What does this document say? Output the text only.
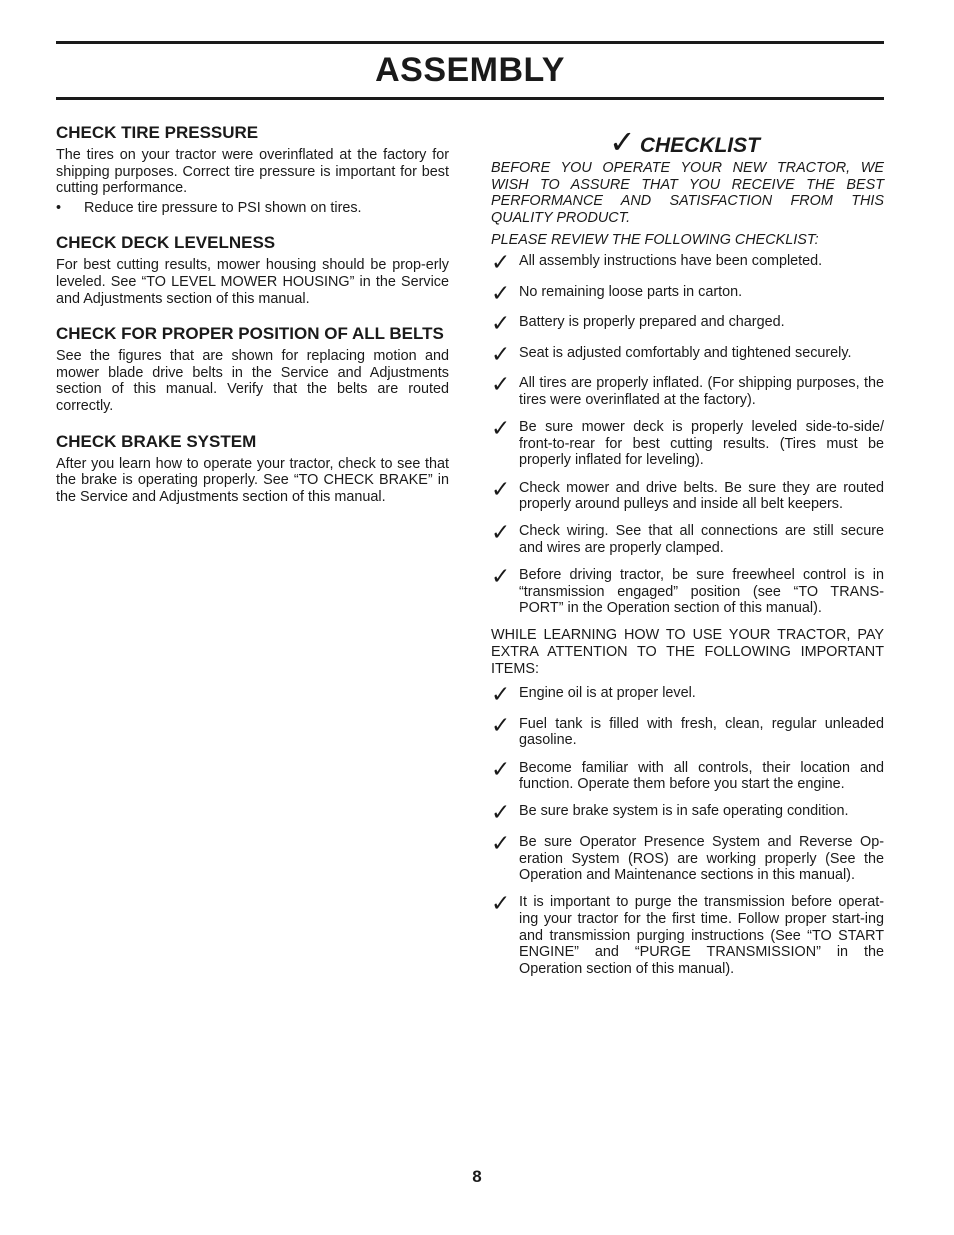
ASSEMBLY
CHECK TIRE PRESSURE

The tires on your tractor were overinflated at the factory for shipping purposes. Correct tire pressure is important for best cutting performance.

•	Reduce tire pressure to PSI shown on tires.
CHECK DECK LEVELNESS

For best cutting results, mower housing should be prop-erly leveled. See “TO LEVEL MOWER HOUSING” in the Service and Adjustments section of this manual.

CHECK FOR PROPER POSITION OF ALL BELTS

See the figures that are shown for replacing motion and mower blade drive belts in the Service and Adjustments section of this manual. Verify that the belts are routed correctly.

CHECK BRAKE SYSTEM

After you learn how to operate your tractor, check to see that the brake is operating properly. See “TO CHECK BRAKE” in the Service and Adjustments section of this manual.

✓ CHECKLIST
BEFORE YOU OPERATE YOUR NEW TRACTOR, WE WISH TO ASSURE THAT YOU RECEIVE THE BEST PERFORMANCE AND SATISFACTION FROM THIS QUALITY PRODUCT.
PLEASE REVIEW THE FOLLOWING CHECKLIST:
✓ All assembly instructions have been completed.
✓ No remaining loose parts in carton.
✓ Battery is properly prepared and charged.
✓ Seat is adjusted comfortably and tightened securely.
✓ All tires are properly inflated. (For shipping purposes, the tires were overinflated at the factory).
✓ Be sure mower deck is properly leveled side-to-side/ front-to-rear for best cutting results. (Tires must be properly inflated for leveling).
✓ Check mower and drive belts. Be sure they are routed properly around pulleys and inside all belt keepers.
✓ Check wiring. See that all connections are still secure and wires are properly clamped.
✓ Before driving tractor, be sure freewheel control is in “transmission engaged” position (see “TO TRANS-PORT” in the Operation section of this manual).
WHILE LEARNING HOW TO USE YOUR TRACTOR, PAY EXTRA ATTENTION TO THE FOLLOWING IMPORTANT ITEMS:
✓ Engine oil is at proper level.
✓ Fuel tank is filled with fresh, clean, regular unleaded gasoline.
✓ Become familiar with all controls, their location and function. Operate them before you start the engine.
✓ Be sure brake system is in safe operating condition.
✓ Be sure Operator Presence System and Reverse Op-eration System (ROS) are working properly (See the Operation and Maintenance sections in this manual).
✓ It is important to purge the transmission before operat-ing your tractor for the first time. Follow proper start-ing and transmission purging instructions (See “TO START ENGINE” and “PURGE TRANSMISSION” in the Operation section of this manual).
8
